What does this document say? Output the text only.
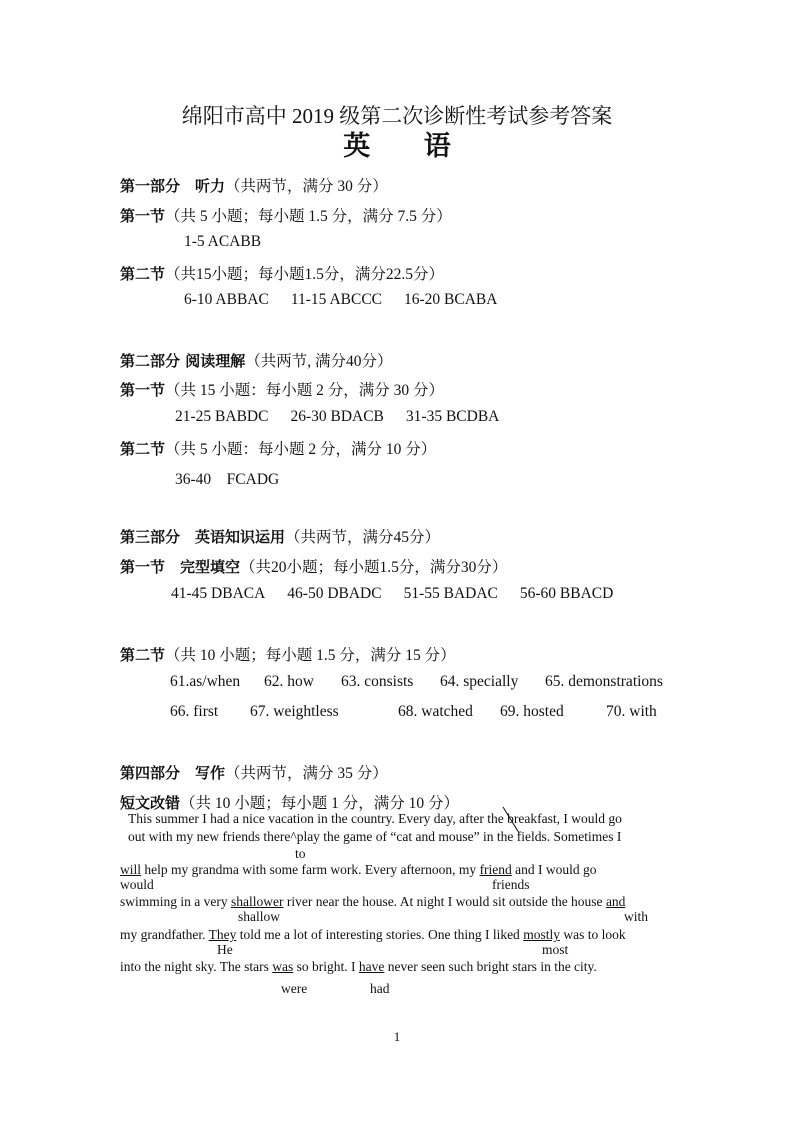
绵阳市高中 2019 级第二次诊断性考试参考答案
英 语
第一部分　听力（共两节，满分 30 分）
第一节（共 5 小题；每小题 1.5 分，满分 7.5 分）
1-5 ACABB
第二节（共15小题；每小题1.5分，满分22.5分）
6-10 ABBAC 11-15 ABCCC 16-20 BCABA
第二部分 阅读理解（共两节, 满分40分）
第一节（共 15 小题：每小题 2 分，满分 30 分）
21-25 BABDC 26-30 BDACB 31-35 BCDBA
第二节（共 5 小题：每小题 2 分，满分 10 分）
36-40　FCADG
第三部分　英语知识运用（共两节，满分45分）
第一节　完型填空（共20小题；每小题1.5分，满分30分）
41-45 DBACA 46-50 DBADC 51-55 BADAC 56-60 BBACD
第二节（共 10 小题；每小题 1.5 分，满分 15 分）
61.as/when 62. how 63. consists 64. specially 65. demonstrations
66. first 67. weightless	68. watched 69. hosted	70. with
第四部分　写作（共两节，满分 35 分）
短文改错（共 10 小题；每小题 1 分，满分 10 分）
This summer I had a nice vacation in the country. Every day, after the breakfast, I would go
out with my new friends there^play the game of “cat and mouse” in the fields. Sometimes I
to
will help my grandma with some farm work. Every afternoon, my friend and I would go
would	friends
swimming in a very shallower river near the house. At night I would sit outside the house and
shallow	with
my grandfather. They told me a lot of interesting stories. One thing I liked mostly was to look
He	most
into the night sky. The stars was so bright. I have never seen such bright stars in the city.
were	had
1
